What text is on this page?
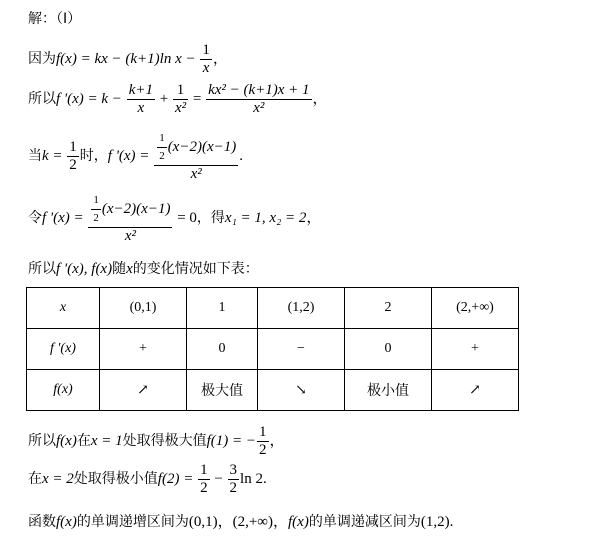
解：（Ⅰ）
因为f(x) = kx − (k+1)ln $x - \frac{1}{x}$ ，
所以f '$(x) = k - \frac{k+1}{x} + \frac{1}{\text{x²}} = \frac{\text{kx² − (k+1)x + 1}}{\text{x²}}$ ，
当$k = \frac{1}{2}$ 时，f '$(x) = \frac{\frac{1}{2} (x-2)(x-1)}{\text{x²}}$ .
令f '$(x) = \frac{\frac{1}{2} (x-2)(x-1)}{\text{x²}} = 0$，得x₁ = 1, x₂ = 2，
所以f '(x), f(x)随x的变化情况如下表：
x	(0,1)	1	(1,2)	2	(2,+∞)
f '(x)	+	0	−	0	+
f(x)	↗	极大值	↘	极小值	↗
所以f(x)在x = 1处取得极大值f(1) = − $\frac{1}{2}$ ，
在x = 2处取得极小值$f(2) = \frac{1}{2} - \frac{3}{2}$ ln 2.
函数f(x)的单调递增区间为(0,1)，(2,+∞)，f(x)的单调递减区间为(1,2).
